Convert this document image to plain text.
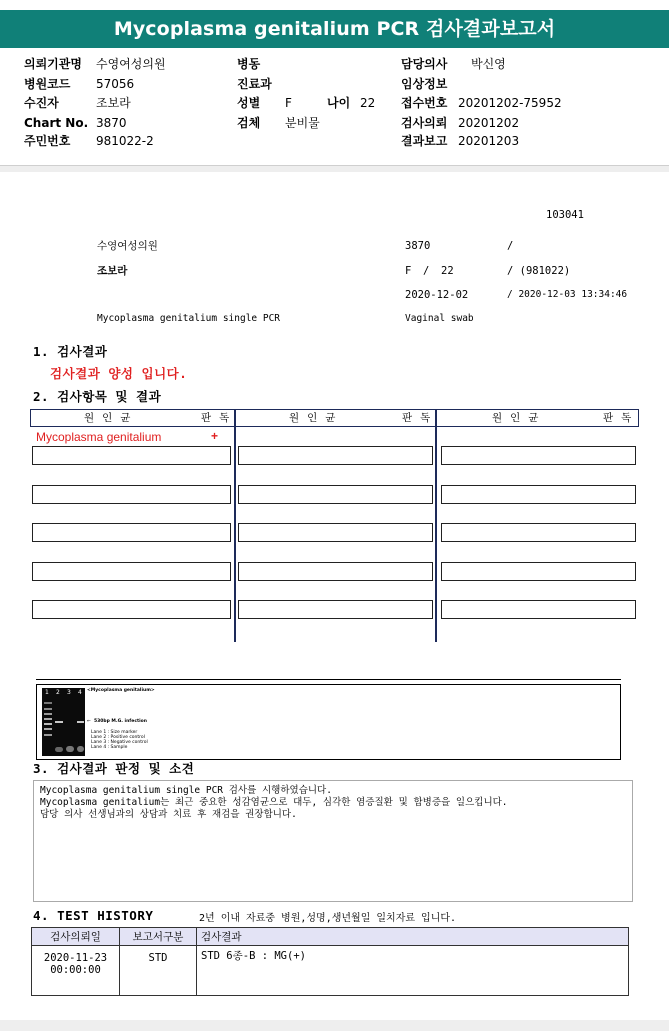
Mycoplasma genitalium PCR 검사결과보고서
의뢰기관명 수영여성의원
병원코드 57056
수진자	조보라
Chart No. 3870
주민번호 981022-2
병동
진료과
성별 F	나이 22
검체 분비물
담당의사 박신영
임상정보
접수번호 20201202-75952
검사의뢰 20201202
결과보고 20201203
103041
수영여성의원	3870	/
조보라	F / 22	/ (981022)
2020-12-02	/ 2020-12-03 13:34:46
Mycoplasma genitalium single PCR	Vaginal swab
1. 검사결과
검사결과 양성 입니다.
2. 검사항목 및 결과
원인균	판독	원인균	판독	원인균	판독
Mycoplasma genitalium	+
1 2 3 4 <Mycoplasma genitalium>
← 530bp M.G. infection
Lane 1 : Size marker
Lane 2 : Positive control
Lane 3 : Negative control
Lane 4 : Sample
3. 검사결과 판정 및 소견
Mycoplasma genitalium single PCR 검사를 시행하였습니다.
Mycoplasma genitalium는 최근 중요한 성감염균으로 대두, 심각한 염증질환 및 합병증을 일으킵니다.
담당 의사 선생님과의 상담과 치료 후 재검을 권장합니다.
4. TEST HISTORY	2년 이내 자료중 병원,성명,생년월일 일치자료 입니다.
검사의뢰일	보고서구분	검사결과

2020-11-23
00:00:00	STD	STD 6종-B : MG(+)
